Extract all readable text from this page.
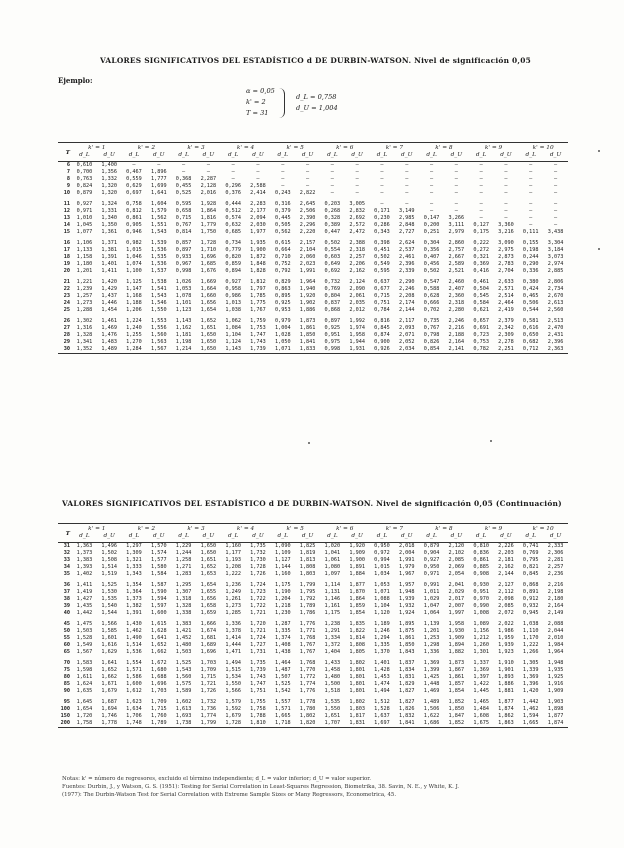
VALORES SIGNIFICATIVOS DEL ESTADÍSTICO d DE DURBIN-WATSON. Nivel de significación 0,05
Ejemplo:
α = 0,05
k' = 2
T = 31
d_L = 0,758
d_U = 1,004
T	k' = 1		k' = 2		k' = 3		k' = 4		k' = 5		k' = 6		k' = 7		k' = 8		k' = 9		k' = 10	
	d_L	d_U	d_L	d_U	d_L	d_U	d_L	d_U	d_L	d_U	d_L	d_U	d_L	d_U	d_L	d_U	d_L	d_U	d_L	d_U
6	0,610	1,400	—	—	—	—	—	—	—	—	—	—	—	—	—	—	—	—	—	—
7	0,700	1,356	0,467	1,896	—	—	—	—	—	—	—	—	—	—	—	—	—	—	—	—
8	0,763	1,332	0,559	1,777	0,368	2,287	—	—	—	—	—	—	—	—	—	—	—	—	—	—
9	0,824	1,320	0,629	1,699	0,455	2,128	0,296	2,588	—	—	—	—	—	—	—	—	—	—	—	—
10	0,879	1,320	0,697	1,641	0,525	2,016	0,376	2,414	0,243	2,822	—	—	—	—	—	—	—	—	—	—
11	0,927	1,324	0,758	1,604	0,595	1,928	0,444	2,283	0,316	2,645	0,203	3,005	—	—	—	—	—	—	—	—
12	0,971	1,331	0,812	1,579	0,658	1,864	0,512	2,177	0,379	2,506	0,268	2,832	0,171	3,149	—	—	—	—	—	—
13	1,010	1,340	0,861	1,562	0,715	1,816	0,574	2,094	0,445	2,390	0,328	2,692	0,230	2,985	0,147	3,266	—	—	—	—
14	1,045	1,350	0,905	1,551	0,767	1,779	0,632	2,030	0,505	2,296	0,389	2,572	0,286	2,848	0,200	3,111	0,127	3,360	—	—
15	1,077	1,361	0,946	1,543	0,814	1,750	0,685	1,977	0,562	2,220	0,447	2,472	0,343	2,727	0,251	2,979	0,175	3,216	0,111	3,438
16	1,106	1,371	0,982	1,539	0,857	1,728	0,734	1,935	0,615	2,157	0,502	2,388	0,398	2,624	0,304	2,860	0,222	3,090	0,155	3,304
17	1,133	1,381	1,015	1,536	0,897	1,710	0,779	1,900	0,664	2,104	0,554	2,318	0,451	2,537	0,356	2,757	0,272	2,975	0,198	3,184
18	1,158	1,391	1,046	1,535	0,933	1,696	0,820	1,872	0,710	2,060	0,603	2,257	0,502	2,461	0,407	2,667	0,321	2,873	0,244	3,073
19	1,180	1,401	1,074	1,536	0,967	1,685	0,859	1,848	0,752	2,023	0,649	2,206	0,549	2,396	0,456	2,589	0,369	2,783	0,290	2,974
20	1,201	1,411	1,100	1,537	0,998	1,676	0,894	1,828	0,792	1,991	0,692	2,162	0,595	2,339	0,502	2,521	0,416	2,704	0,336	2,885
21	1,221	1,420	1,125	1,538	1,026	1,669	0,927	1,812	0,829	1,964	0,732	2,124	0,637	2,290	0,547	2,460	0,461	2,633	0,380	2,806
22	1,239	1,429	1,147	1,541	1,053	1,664	0,958	1,797	0,863	1,940	0,769	2,090	0,677	2,246	0,588	2,407	0,504	2,571	0,424	2,734
23	1,257	1,437	1,168	1,543	1,078	1,660	0,986	1,785	0,895	1,920	0,804	2,061	0,715	2,208	0,628	2,360	0,545	2,514	0,465	2,670
24	1,273	1,446	1,188	1,546	1,101	1,656	1,013	1,775	0,925	1,902	0,837	2,035	0,751	2,174	0,666	2,318	0,584	2,464	0,506	2,613
25	1,288	1,454	1,206	1,550	1,123	1,654	1,038	1,767	0,953	1,886	0,868	2,012	0,784	2,144	0,702	2,280	0,621	2,419	0,544	2,560
26	1,302	1,461	1,224	1,553	1,143	1,652	1,062	1,759	0,979	1,873	0,897	1,992	0,816	2,117	0,735	2,246	0,657	2,379	0,581	2,513
27	1,316	1,469	1,240	1,556	1,162	1,651	1,084	1,753	1,004	1,861	0,925	1,974	0,845	2,093	0,767	2,216	0,691	2,342	0,616	2,470
28	1,328	1,476	1,255	1,560	1,181	1,650	1,104	1,747	1,028	1,850	0,951	1,958	0,874	2,071	0,798	2,188	0,723	2,309	0,650	2,431
29	1,341	1,483	1,270	1,563	1,198	1,650	1,124	1,743	1,050	1,841	0,975	1,944	0,900	2,052	0,826	2,164	0,753	2,278	0,682	2,396
30	1,352	1,489	1,284	1,567	1,214	1,650	1,143	1,739	1,071	1,833	0,998	1,931	0,926	2,034	0,854	2,141	0,782	2,251	0,712	2,363
VALORES SIGNIFICATIVOS DEL ESTADÍSTICO d DE DURBIN-WATSON. Nivel de significación 0,05 (Continuación)
T	k' = 1		k' = 2		k' = 3		k' = 4		k' = 5		k' = 6		k' = 7		k' = 8		k' = 9		k' = 10	
	d_L	d_U	d_L	d_U	d_L	d_U	d_L	d_U	d_L	d_U	d_L	d_U	d_L	d_U	d_L	d_U	d_L	d_U	d_L	d_U
31	1,363	1,496	1,297	1,570	1,229	1,650	1,160	1,735	1,090	1,825	1,020	1,920	0,950	2,018	0,879	2,120	0,810	2,226	0,741	2,333
32	1,373	1,502	1,309	1,574	1,244	1,650	1,177	1,732	1,109	1,819	1,041	1,909	0,972	2,004	0,904	2,102	0,836	2,203	0,769	2,306
33	1,383	1,508	1,321	1,577	1,258	1,651	1,193	1,730	1,127	1,813	1,061	1,900	0,994	1,991	0,927	2,085	0,861	2,181	0,795	2,281
34	1,393	1,514	1,333	1,580	1,271	1,652	1,208	1,728	1,144	1,808	1,080	1,891	1,015	1,979	0,950	2,069	0,885	2,162	0,821	2,257
35	1,402	1,519	1,343	1,584	1,283	1,653	1,222	1,726	1,160	1,803	1,097	1,884	1,034	1,967	0,971	2,054	0,908	2,144	0,845	2,236
36	1,411	1,525	1,354	1,587	1,295	1,654	1,236	1,724	1,175	1,799	1,114	1,877	1,053	1,957	0,991	2,041	0,930	2,127	0,868	2,216
37	1,419	1,530	1,364	1,590	1,307	1,655	1,249	1,723	1,190	1,795	1,131	1,870	1,071	1,948	1,011	2,029	0,951	2,112	0,891	2,198
38	1,427	1,535	1,373	1,594	1,318	1,656	1,261	1,722	1,204	1,792	1,146	1,864	1,088	1,939	1,029	2,017	0,970	2,098	0,912	2,180
39	1,435	1,540	1,382	1,597	1,328	1,658	1,273	1,722	1,218	1,789	1,161	1,859	1,104	1,932	1,047	2,007	0,990	2,085	0,932	2,164
40	1,442	1,544	1,391	1,600	1,338	1,659	1,285	1,721	1,230	1,786	1,175	1,854	1,120	1,924	1,064	1,997	1,008	2,072	0,945	2,149
45	1,475	1,566	1,430	1,615	1,383	1,666	1,336	1,720	1,287	1,776	1,238	1,835	1,189	1,895	1,139	1,958	1,089	2,022	1,038	2,088
50	1,503	1,585	1,462	1,628	1,421	1,674	1,378	1,721	1,335	1,771	1,291	1,822	1,246	1,875	1,201	1,930	1,156	1,986	1,110	2,044
55	1,528	1,601	1,490	1,641	1,452	1,681	1,414	1,724	1,374	1,768	1,334	1,814	1,294	1,861	1,253	1,909	1,212	1,959	1,170	2,010
60	1,549	1,616	1,514	1,652	1,480	1,689	1,444	1,727	1,408	1,767	1,372	1,808	1,335	1,850	1,298	1,894	1,260	1,939	1,222	1,984
65	1,567	1,629	1,536	1,662	1,503	1,696	1,471	1,731	1,438	1,767	1,404	1,805	1,370	1,843	1,336	1,882	1,301	1,923	1,266	1,964
70	1,583	1,641	1,554	1,672	1,525	1,703	1,494	1,735	1,464	1,768	1,433	1,802	1,401	1,837	1,369	1,873	1,337	1,910	1,305	1,948
75	1,598	1,652	1,571	1,680	1,543	1,709	1,515	1,739	1,487	1,770	1,458	1,801	1,428	1,834	1,399	1,867	1,369	1,901	1,339	1,935
80	1,611	1,662	1,586	1,688	1,560	1,715	1,534	1,743	1,507	1,772	1,480	1,801	1,453	1,831	1,425	1,861	1,397	1,893	1,369	1,925
85	1,624	1,671	1,600	1,696	1,575	1,721	1,550	1,747	1,525	1,774	1,500	1,801	1,474	1,829	1,448	1,857	1,422	1,886	1,396	1,916
90	1,635	1,679	1,612	1,703	1,589	1,726	1,566	1,751	1,542	1,776	1,518	1,801	1,494	1,827	1,469	1,854	1,445	1,881	1,420	1,909
95	1,645	1,687	1,623	1,709	1,602	1,732	1,579	1,755	1,557	1,778	1,535	1,802	1,512	1,827	1,489	1,852	1,465	1,877	1,442	1,903
100	1,654	1,694	1,634	1,715	1,613	1,736	1,592	1,758	1,571	1,780	1,550	1,803	1,528	1,826	1,506	1,850	1,484	1,874	1,462	1,898
150	1,720	1,746	1,706	1,760	1,693	1,774	1,679	1,788	1,665	1,802	1,651	1,817	1,637	1,832	1,622	1,847	1,608	1,862	1,594	1,877
200	1,758	1,778	1,748	1,789	1,738	1,799	1,728	1,810	1,718	1,820	1,707	1,831	1,697	1,841	1,686	1,852	1,675	1,863	1,665	1,874

Notas: k' = número de regresores, excluido el término independiente; d_L = valor inferior; d_U = valor superior.

Fuentes: Durbin, J., y Watson, G. S. (1951): Testing for Serial Correlation in Least-Squares Regression, Biometrika, 38. Savin, N. E., y White, K. J.

(1977): The Durbin-Watson Test for Serial Correlation with Extreme Sample Sizes or Many Regressors, Econometrica, 45.
